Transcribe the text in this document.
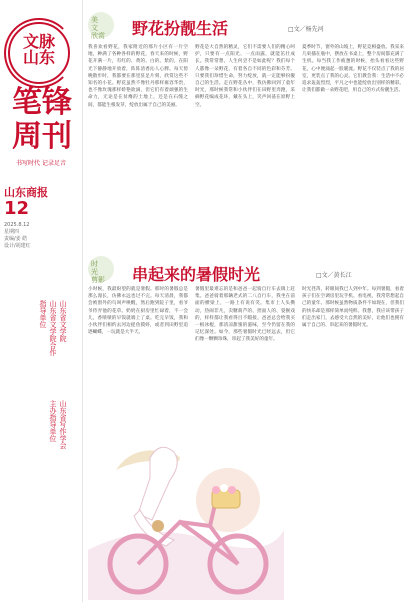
文脉
山东
笔锋
周刊
书写时代 记录足音
山东商报
12
2025.8.12
星期四
责编/姜 皓
设计/胡建红
山东省文学院
山东省文学院合作
指导单位
山东省写作学会
主办指导单位
美
文
欣赏 野花扮靓生活	□文／杨先河
我喜欢看野花，我家附近的那片小区有一片空地，种满了各种各样的野花，春天来的时候，野花开满一片，有红的、黄的、白的、紫的，在阳光下静静地开放着，阵阵清香沁人心脾。每天傍晚散步时，我都要在那里驻足片刻，欣赏这些不知名的小花。野花虽然不像牡丹那样雍容华贵，也不像玫瑰那样娇艳欲滴，但它们有着顽强的生命力，无论是在贫瘠的土地上，还是在石缝之间，都能生根发芽，绽放出属于自己的美丽。
野花是大自然的精灵，它们不需要人们的精心呵护，只要有一点阳光、一点雨露，就能茁壮成长。我常常想，人生何尝不是如此呢？我们每个人都像一朵野花，有着各自不同的色彩和芬芳。只要我们珍惜生命，努力绽放，就一定能够扮靓自己的生活。走在野花丛中，我仿佛回到了童年时光，那时候我常和小伙伴们在田野里奔跑，采摘野花编成花环，戴在头上，笑声回荡在原野上空。
夏季时节，窗外的山坡上，野花竞相盛放。我采来几束插在瓶中，摆放在书桌上，整个房间都充满了生机。每当我工作疲惫的时候，抬头看看这些野花，心中便涌起一股暖流。野花不仅装点了我的居室，更装点了我的心灵。它们教会我：生活中不必追求轰轰烈烈，平凡之中也能绽放出别样的精彩。让我们都做一朵野花吧，用自己的方式扮靓生活。
时
光
剪影 串起来的暑假时光	□文／黄长江
小时候，我最盼望的就是暑假。那时的暑假总是那么漫长，仿佛永远也过不完。每天清晨，我都会被窗外的鸟叫声唤醒，然后跑到院子里，看爷爷侍弄他的花草。奶奶在厨房里忙碌着，不一会儿，香喷喷的早饭就端上了桌。吃完早饭，我和小伙伴们相约去河边捉鱼摸虾，或者到田野里追逐蝴蝶，一玩就是大半天。
暑假里最难忘的是和爸爸一起骑自行车去镇上赶集。爸爸骑着那辆老式的二八自行车，我坐在前面的横梁上，一路上有说有笑。集市上人头攒动，热闹非凡，卖糖葫芦的、捏面人的、耍猴戏的，样样都让我看得目不暇接。爸爸总会给我买一根冰棍，那清凉甜蜜的滋味，至今仍留在我的记忆深处。如今，那些暑假时光已经远去，但它们像一颗颗珍珠，串起了我美好的童年。
时光荏苒，转眼间我已人到中年。每到暑假，看着孩子们在空调房里玩手机、看电视，我常常想起自己的童年。那时候虽然物质条件不如现在，但我们的快乐却是那样简单而纯粹。我想，我应该带孩子们走出家门，去感受大自然的美好，让他们也拥有属于自己的、串起来的暑假时光。
